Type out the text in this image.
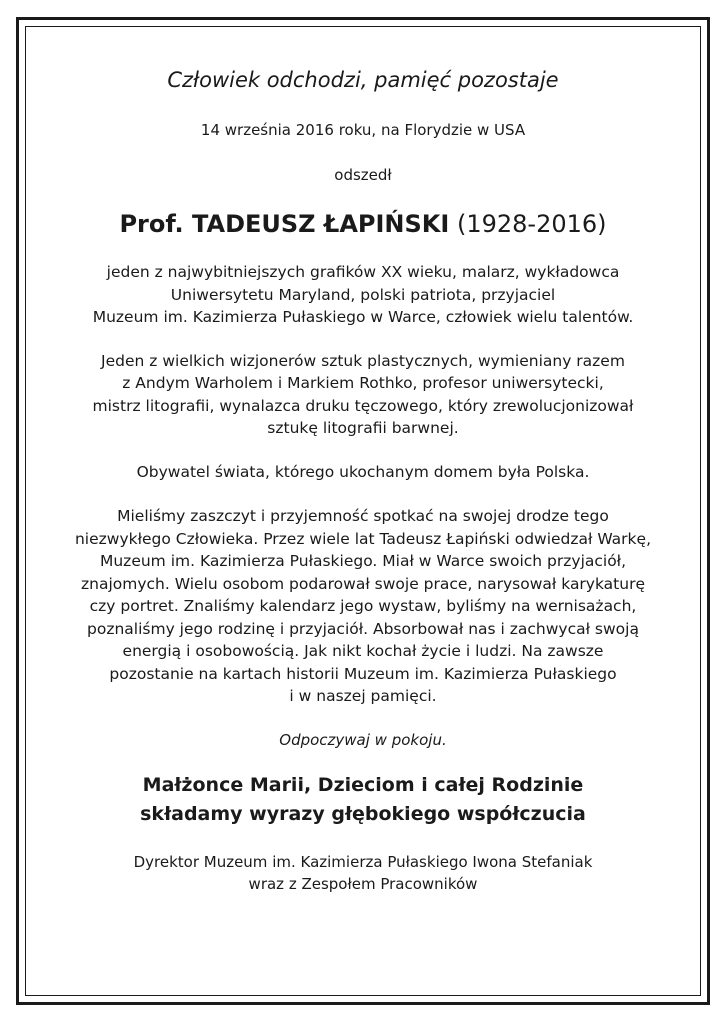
Człowiek odchodzi, pamięć pozostaje
14 września 2016 roku, na Florydzie w USA
odszedł
Prof. TADEUSZ ŁAPIŃSKI (1928-2016)
jeden z najwybitniejszych grafików XX wieku, malarz, wykładowca
Uniwersytetu Maryland, polski patriota, przyjaciel
Muzeum im. Kazimierza Pułaskiego w Warce, człowiek wielu talentów.
Jeden z wielkich wizjonerów sztuk plastycznych, wymieniany razem
z Andym Warholem i Markiem Rothko, profesor uniwersytecki,
mistrz litografii, wynalazca druku tęczowego, który zrewolucjonizował
sztukę litografii barwnej.
Obywatel świata, którego ukochanym domem była Polska.
Mieliśmy zaszczyt i przyjemność spotkać na swojej drodze tego
niezwykłego Człowieka. Przez wiele lat Tadeusz Łapiński odwiedzał Warkę,
Muzeum im. Kazimierza Pułaskiego. Miał w Warce swoich przyjaciół,
znajomych. Wielu osobom podarował swoje prace, narysował karykaturę
czy portret. Znaliśmy kalendarz jego wystaw, byliśmy na wernisażach,
poznaliśmy jego rodzinę i przyjaciół. Absorbował nas i zachwycał swoją
energią i osobowością. Jak nikt kochał życie i ludzi. Na zawsze
pozostanie na kartach historii Muzeum im. Kazimierza Pułaskiego
i w naszej pamięci.
Odpoczywaj w pokoju.
Małżonce Marii, Dzieciom i całej Rodzinie
składamy wyrazy głębokiego współczucia
Dyrektor Muzeum im. Kazimierza Pułaskiego Iwona Stefaniak
wraz z Zespołem Pracowników
